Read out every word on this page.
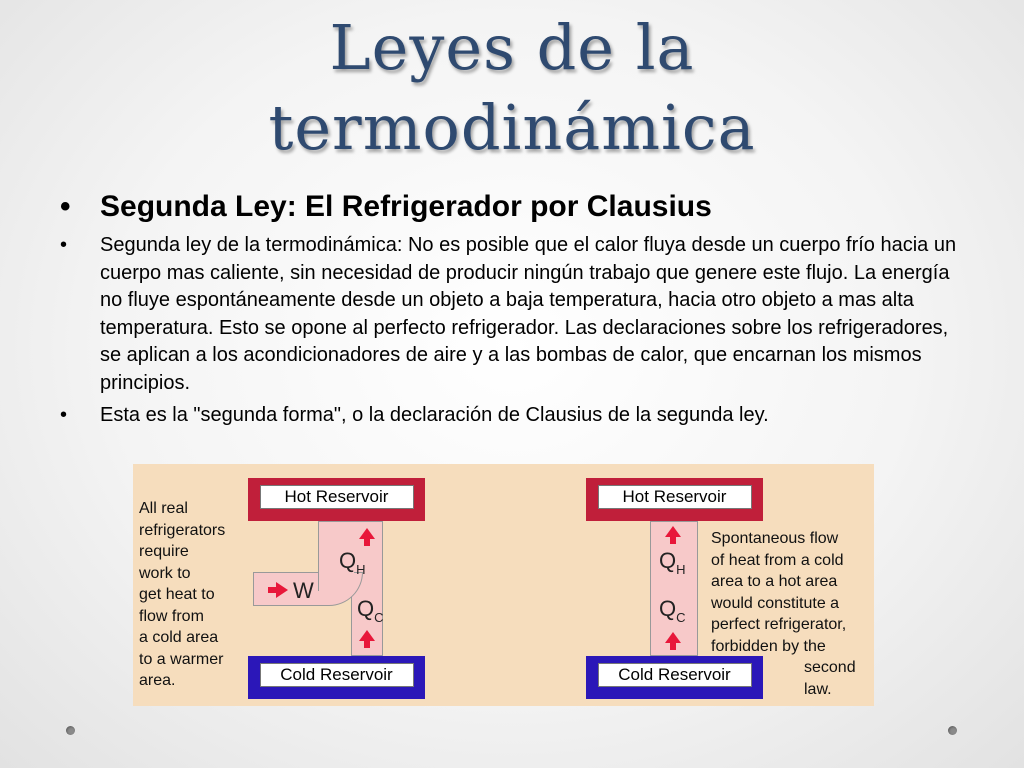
Leyes de la
termodinámica
• Segunda Ley: El Refrigerador por Clausius
• Segunda ley de la termodinámica: No es posible que el calor fluya desde un cuerpo frío hacia un cuerpo mas caliente, sin necesidad de producir ningún trabajo que genere este flujo. La energía no fluye espontáneamente desde un objeto a baja temperatura, hacia otro objeto a mas alta temperatura. Esto se opone al perfecto refrigerador. Las declaraciones sobre los refrigeradores, se aplican a los acondicionadores de aire y a las bombas de calor, que encarnan los mismos principios.
• Esta es la "segunda forma", o la declaración de Clausius de la segunda ley.
All real
refrigerators
require
work to
get heat to
flow from
a cold area
to a warmer
area.
Hot Reservoir
Cold Reservoir
W
$Q_H$
$Q_C$
Hot Reservoir
Cold Reservoir
$Q_H$
$Q_C$
Spontaneous flow
of heat from a cold
area to a hot area
would constitute a
perfect refrigerator,
forbidden by the
second
law.
